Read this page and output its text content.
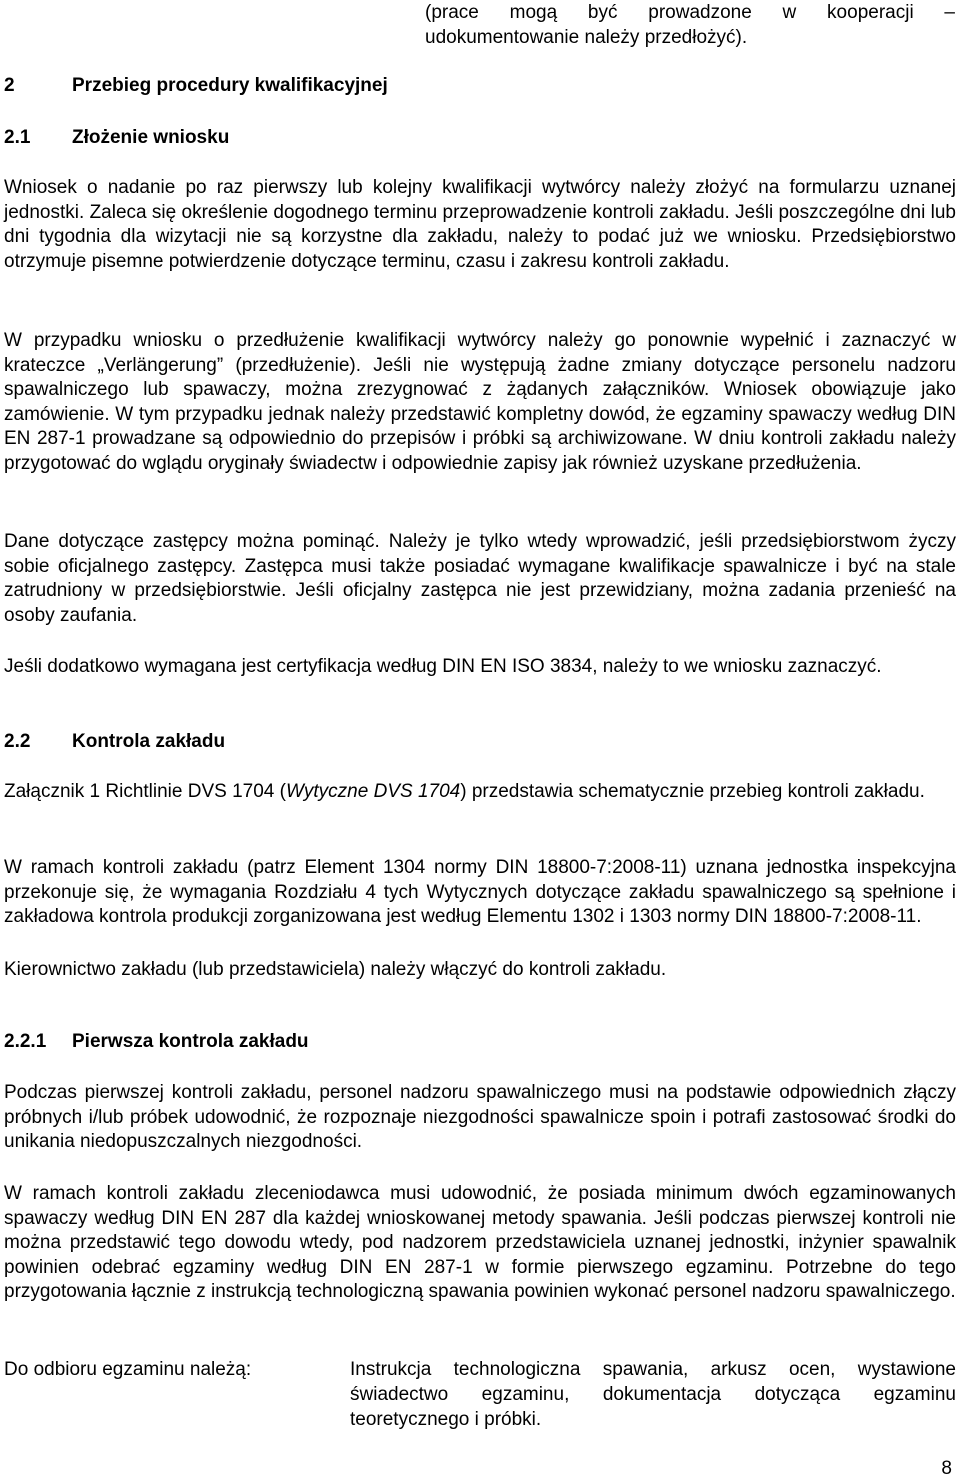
(prace mogą być prowadzone w kooperacji – udokumentowanie należy przedłożyć).

2	Przebieg procedury kwalifikacyjnej
2.1 Złożenie wniosku

Wniosek o nadanie po raz pierwszy lub kolejny kwalifikacji wytwórcy należy złożyć na formularzu uznanej jednostki. Zaleca się określenie dogodnego terminu przeprowadzenie kontroli zakładu. Jeśli poszczególne dni lub dni tygodnia dla wizytacji nie są korzystne dla zakładu, należy to podać już we wniosku. Przedsiębiorstwo otrzymuje pisemne potwierdzenie dotyczące terminu, czasu i zakresu kontroli zakładu.

W przypadku wniosku o przedłużenie kwalifikacji wytwórcy należy go ponownie wypełnić i zaznaczyć w krateczce „Verlängerung” (przedłużenie). Jeśli nie występują żadne zmiany dotyczące personelu nadzoru spawalniczego lub spawaczy, można zrezygnować z żądanych załączników. Wniosek obowiązuje jako zamówienie. W tym przypadku jednak należy przedstawić kompletny dowód, że egzaminy spawaczy według DIN EN 287-1 prowadzane są odpowiednio do przepisów i próbki są archiwizowane. W dniu kontroli zakładu należy przygotować do wglądu oryginały świadectw i odpowiednie zapisy jak również uzyskane przedłużenia.

Dane dotyczące zastępcy można pominąć. Należy je tylko wtedy wprowadzić, jeśli przedsiębiorstwom życzy sobie oficjalnego zastępcy. Zastępca musi także posiadać wymagane kwalifikacje spawalnicze i być na stale zatrudniony w przedsiębiorstwie. Jeśli oficjalny zastępca nie jest przewidziany, można zadania przenieść na osoby zaufania.

Jeśli dodatkowo wymagana jest certyfikacja według DIN EN ISO 3834, należy to we wniosku zaznaczyć.

2.2 Kontrola zakładu

Załącznik 1 Richtlinie DVS 1704 (Wytyczne DVS 1704) przedstawia schematycznie przebieg kontroli zakładu.

W ramach kontroli zakładu (patrz Element 1304 normy DIN 18800-7:2008-11) uznana jednostka inspekcyjna przekonuje się, że wymagania Rozdziału 4 tych Wytycznych dotyczące zakładu spawalniczego są spełnione i zakładowa kontrola produkcji zorganizowana jest według Elementu 1302 i 1303 normy DIN 18800-7:2008-11.

Kierownictwo zakładu (lub przedstawiciela) należy włączyć do kontroli zakładu.

2.2.1 Pierwsza kontrola zakładu

Podczas pierwszej kontroli zakładu, personel nadzoru spawalniczego musi na podstawie odpowiednich złączy próbnych i/lub próbek udowodnić, że rozpoznaje niezgodności spawalnicze spoin i potrafi zastosować środki do unikania niedopuszczalnych niezgodności.

W ramach kontroli zakładu zleceniodawca musi udowodnić, że posiada minimum dwóch egzaminowanych spawaczy według DIN EN 287 dla każdej wnioskowanej metody spawania. Jeśli podczas pierwszej kontroli nie można przedstawić tego dowodu wtedy, pod nadzorem przedstawiciela uznanej jednostki, inżynier spawalnik powinien odebrać egzaminy według DIN EN 287-1 w formie pierwszego egzaminu. Potrzebne do tego przygotowania łącznie z instrukcją technologiczną spawania powinien wykonać personel nadzoru spawalniczego.

Do odbioru egzaminu należą:	Instrukcja technologiczna spawania, arkusz ocen, wystawione świadectwo egzaminu, dokumentacja dotycząca egzaminu teoretycznego i próbki.

8
